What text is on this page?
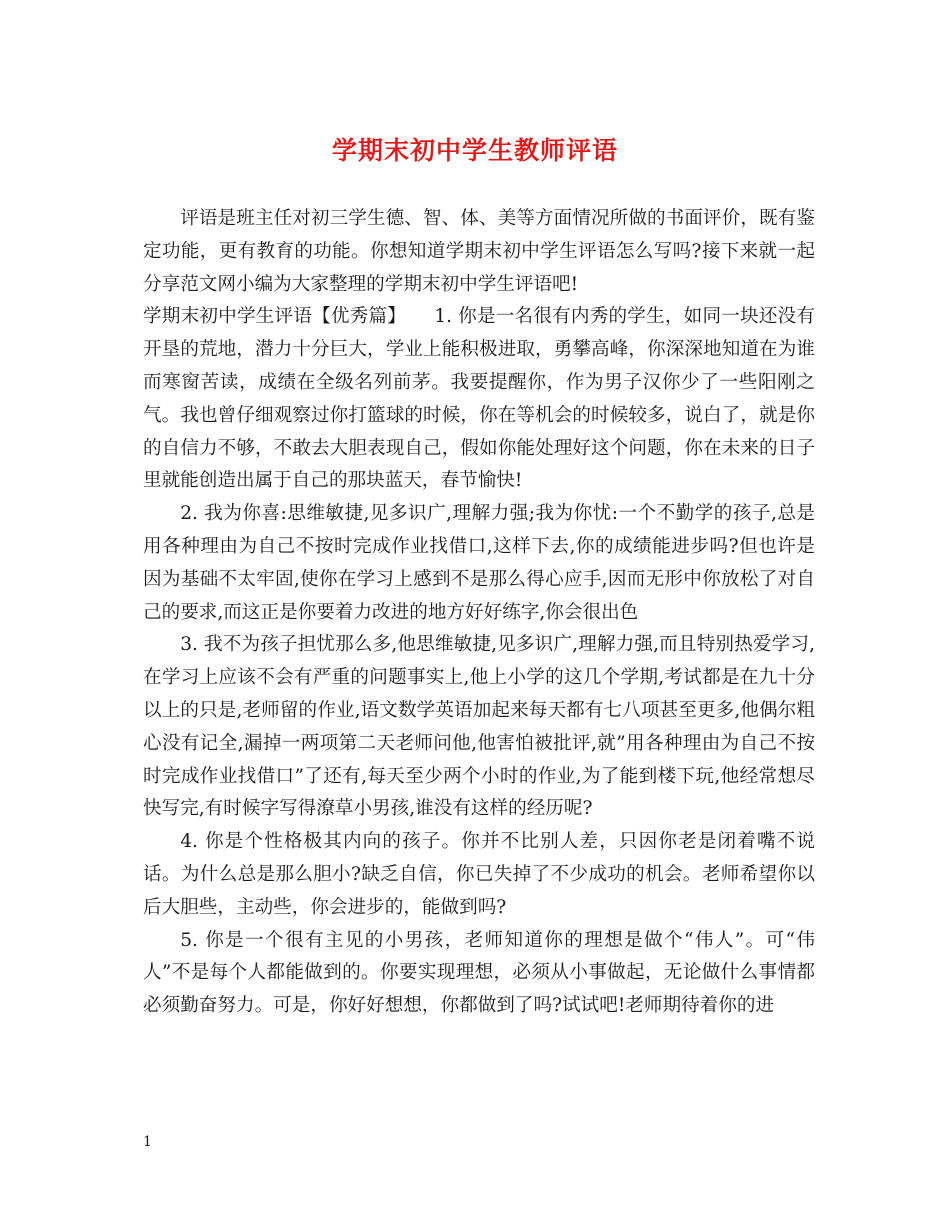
学期末初中学生教师评语

评语是班主任对初三学生德、智、体、美等方面情况所做的书面评价，既有鉴定功能，更有教育的功能。你想知道学期末初中学生评语怎么写吗?接下来就一起分享范文网小编为大家整理的学期末初中学生评语吧!

学期末初中学生评语【优秀篇】　　1. 你是一名很有内秀的学生，如同一块还没有开垦的荒地，潜力十分巨大，学业上能积极进取，勇攀高峰，你深深地知道在为谁而寒窗苦读，成绩在全级名列前茅。我要提醒你，作为男子汉你少了一些阳刚之气。我也曾仔细观察过你打篮球的时候，你在等机会的时候较多，说白了，就是你的自信力不够，不敢去大胆表现自己，假如你能处理好这个问题，你在未来的日子里就能创造出属于自己的那块蓝天，春节愉快!

2. 我为你喜:思维敏捷,见多识广,理解力强;我为你忧:一个不勤学的孩子,总是用各种理由为自己不按时完成作业找借口,这样下去,你的成绩能进步吗?但也许是因为基础不太牢固,使你在学习上感到不是那么得心应手,因而无形中你放松了对自己的要求,而这正是你要着力改进的地方好好练字,你会很出色

3. 我不为孩子担忧那么多,他思维敏捷,见多识广,理解力强,而且特别热爱学习,在学习上应该不会有严重的问题事实上,他上小学的这几个学期,考试都是在九十分以上的只是,老师留的作业,语文数学英语加起来每天都有七八项甚至更多,他偶尔粗心没有记全,漏掉一两项第二天老师问他,他害怕被批评,就”用各种理由为自己不按时完成作业找借口”了还有,每天至少两个小时的作业,为了能到楼下玩,他经常想尽快写完,有时候字写得潦草小男孩,谁没有这样的经历呢?

4. 你是个性格极其内向的孩子。你并不比别人差，只因你老是闭着嘴不说话。为什么总是那么胆小?缺乏自信，你已失掉了不少成功的机会。老师希望你以后大胆些，主动些，你会进步的，能做到吗?

5. 你是一个很有主见的小男孩，老师知道你的理想是做个“伟人”。可“伟人”不是每个人都能做到的。你要实现理想，必须从小事做起，无论做什么事情都必须勤奋努力。可是，你好好想想，你都做到了吗?试试吧!老师期待着你的进

1
